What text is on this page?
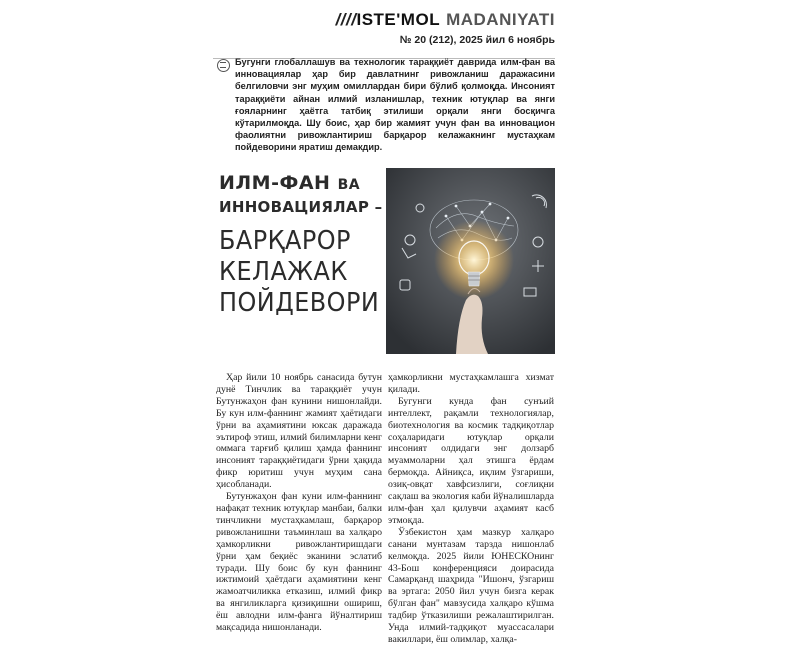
////ISTE'MOL MADANIYATI
№ 20 (212), 2025 йил 6 ноябрь

Бугунги глобаллашув ва технологик тараққиёт даврида илм-фан ва инновациялар ҳар бир давлатнинг ривожланиш даражасини белгиловчи энг муҳим омиллардан бири бўлиб қолмоқда. Инсоният тараққиёти айнан илмий изланишлар, техник ютуқлар ва янги ғояларнинг ҳаётга татбиқ этилиши орқали янги босқичга кўтарилмоқда. Шу боис, ҳар бир жамият учун фан ва инновацион фаолиятни ривожлантириш барқарор келажакнинг мустаҳкам пойдеворини яратиш демакдир.

ИЛМ-ФАН ВА
ИННОВАЦИЯЛАР –
БАРҚАРОР
КЕЛАЖАК
ПОЙДЕВОРИ

Ҳар йили 10 ноябрь санасида бутун дунё Тинчлик ва тараққиёт учун Бутунжаҳон фан кунини нишонлайди. Бу кун илм-фаннинг жамият ҳаётидаги ўрни ва аҳамиятини юксак даражада эътироф этиш, илмий билимларни кенг оммага тарғиб қилиш ҳамда фаннинг инсоният тараққиётидаги ўрни ҳақида фикр юритиш учун муҳим сана ҳисобланади.

Бутунжаҳон фан куни илм-фаннинг нафақат техник ютуқлар манбаи, балки тинчликни мустаҳкамлаш, барқарор ривожланишни таъминлаш ва халқаро ҳамкорликни ривожлантиришдаги ўрни ҳам беқиёс эканини эслатиб туради. Шу боис бу кун фаннинг ижтимоий ҳаётдаги аҳамиятини кенг жамоатчиликка етказиш, илмий фикр ва янгиликларга қизиқишни ошириш, ёш авлодни илм-фанга йўналтириш мақсадида нишонланади.

ҳамкорликни мустаҳкамлашга хизмат қилади.

Бугунги кунда фан сунъий интеллект, рақамли технологиялар, биотехнология ва космик тадқиқотлар соҳаларидаги ютуқлар орқали инсоният олдидаги энг долзарб муаммоларни ҳал этишга ёрдам бермоқда. Айниқса, иқлим ўзгариши, озиқ-овқат хавфсизлиги, соғлиқни сақлаш ва экология каби йўналишларда илм-фан ҳал қилувчи аҳамият касб этмоқда.

Ўзбекистон ҳам мазкур халқаро санани мунтазам тарзда нишонлаб келмоқда. 2025 йили ЮНЕСКОнинг 43-Бош конференцияси доирасида Самарқанд шаҳрида "Ишонч, ўзгариш ва эртага: 2050 йил учун бизга керак бўлган фан" мавзусида халқаро кўшма тадбир ўтказилиши режалаштирилган. Унда илмий-тадқиқот муассасалари вакиллари, ёш олимлар, халқа-
